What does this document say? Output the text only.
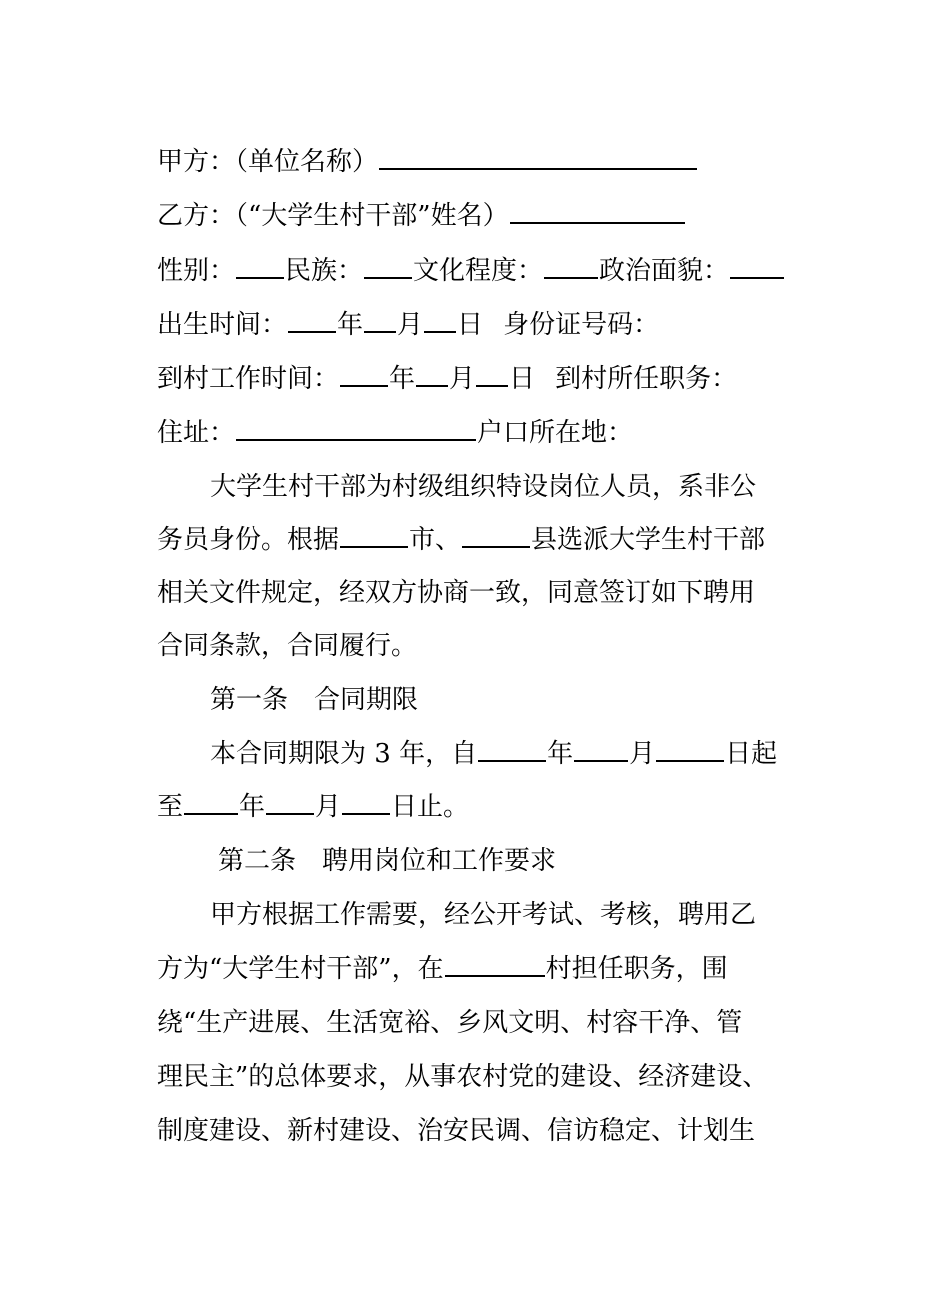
甲方：（单位名称）
乙方：（“大学生村干部”姓名）
性别： 民族： 文化程度： 政治面貌：
出生时间： 年 月 日 身份证号码：
到村工作时间： 年 月 日 到村所任职务：
住址：	户口所在地：
大学生村干部为村级组织特设岗位人员，系非公
务员身份。根据	市、	县选派大学生村干部
相关文件规定，经双方协商一致，同意签订如下聘用
合同条款，合同履行。
第一条　合同期限
本合同期限为 3 年，自	年 月	日起
至 年 月 日止。
第二条　聘用岗位和工作要求
甲方根据工作需要，经公开考试、考核，聘用乙
方为“大学生村干部”，在	村担任职务，围
绕“生产进展、生活宽裕、乡风文明、村容干净、管
理民主”的总体要求，从事农村党的建设、经济建设、
制度建设、新村建设、治安民调、信访稳定、计划生
